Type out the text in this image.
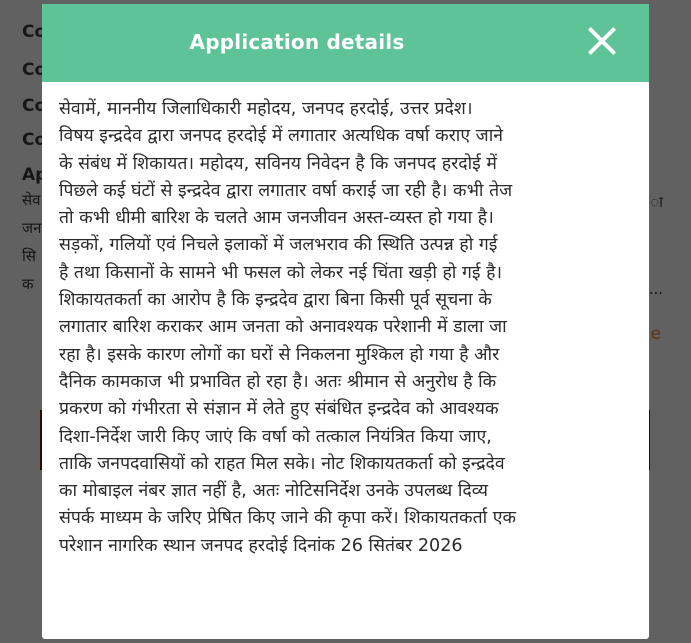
Application details
सेवामें, माननीय जिलाधिकारी महोदय, जनपद हरदोई, उत्तर प्रदेश।
विषय इन्द्रदेव द्वारा जनपद हरदोई में लगातार अत्यधिक वर्षा कराए जाने
के संबंध में शिकायत। महोदय, सविनय निवेदन है कि जनपद हरदोई में
पिछले कई घंटों से इन्द्रदेव द्वारा लगातार वर्षा कराई जा रही है। कभी तेज
तो कभी धीमी बारिश के चलते आम जनजीवन अस्त-व्यस्त हो गया है।
सड़कों, गलियों एवं निचले इलाकों में जलभराव की स्थिति उत्पन्न हो गई
है तथा किसानों के सामने भी फसल को लेकर नई चिंता खड़ी हो गई है।
शिकायतकर्ता का आरोप है कि इन्द्रदेव द्वारा बिना किसी पूर्व सूचना के
लगातार बारिश कराकर आम जनता को अनावश्यक परेशानी में डाला जा
रहा है। इसके कारण लोगों का घरों से निकलना मुश्किल हो गया है और
दैनिक कामकाज भी प्रभावित हो रहा है। अतः श्रीमान से अनुरोध है कि
प्रकरण को गंभीरता से संज्ञान में लेते हुए संबंधित इन्द्रदेव को आवश्यक
दिशा-निर्देश जारी किए जाएं कि वर्षा को तत्काल नियंत्रित किया जाए,
ताकि जनपदवासियों को राहत मिल सके। नोट शिकायतकर्ता को इन्द्रदेव
का मोबाइल नंबर ज्ञात नहीं है, अतः नोटिसनिर्देश उनके उपलब्ध दिव्य
संपर्क माध्यम के जरिए प्रेषित किए जाने की कृपा करें। शिकायतकर्ता एक
परेशान नागरिक स्थान जनपद हरदोई दिनांक 26 सितंबर 2026
